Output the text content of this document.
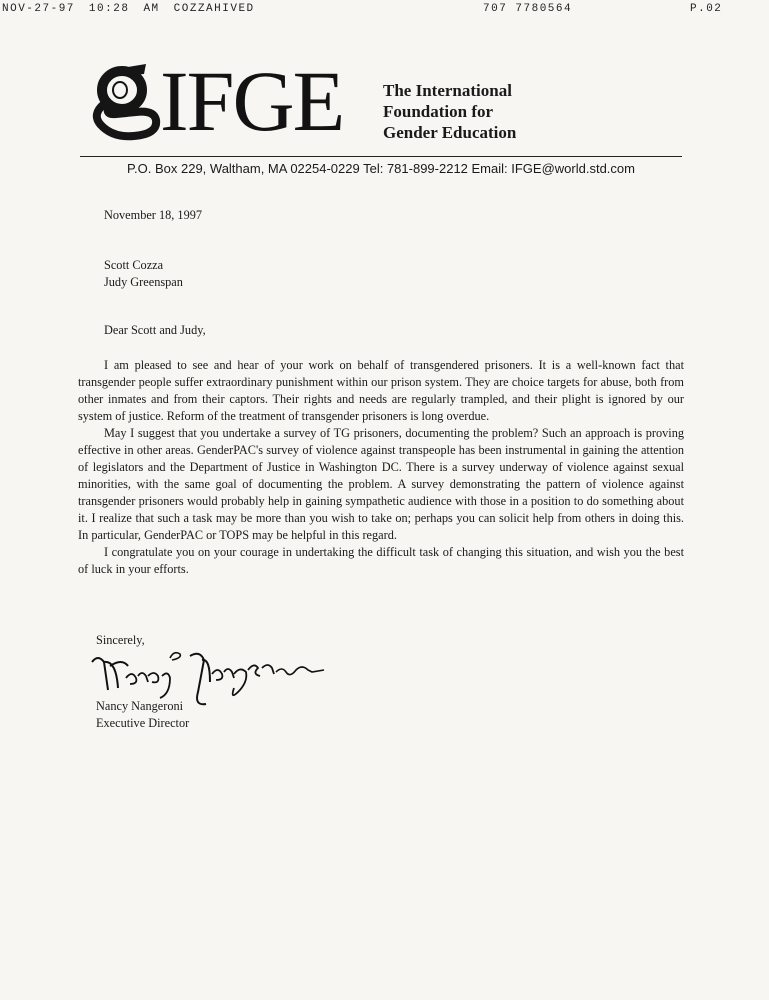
NOV-27-97 10:28 AM COZZAHIVED	707 7780564	P.02
IFGE The International
Foundation for
Gender Education
P.O. Box 229, Waltham, MA 02254-0229 Tel: 781-899-2212 Email: IFGE@world.std.com
November 18, 1997
Scott Cozza
Judy Greenspan
Dear Scott and Judy,

I am pleased to see and hear of your work on behalf of transgendered prisoners. It is a well-known fact that transgender people suffer extraordinary punishment within our prison system. They are choice targets for abuse, both from other inmates and from their captors. Their rights and needs are regularly trampled, and their plight is ignored by our system of justice. Reform of the treatment of transgender prisoners is long overdue.

May I suggest that you undertake a survey of TG prisoners, documenting the problem? Such an approach is proving effective in other areas. GenderPAC's survey of violence against transpeople has been instrumental in gaining the attention of legislators and the Department of Justice in Washington DC. There is a survey underway of violence against sexual minorities, with the same goal of documenting the problem. A survey demonstrating the pattern of violence against transgender prisoners would probably help in gaining sympathetic audience with those in a position to do something about it. I realize that such a task may be more than you wish to take on; perhaps you can solicit help from others in doing this. In particular, GenderPAC or TOPS may be helpful in this regard.

I congratulate you on your courage in undertaking the difficult task of changing this situation, and wish you the best of luck in your efforts.

Sincerely,
Nancy Nangeroni
Executive Director
